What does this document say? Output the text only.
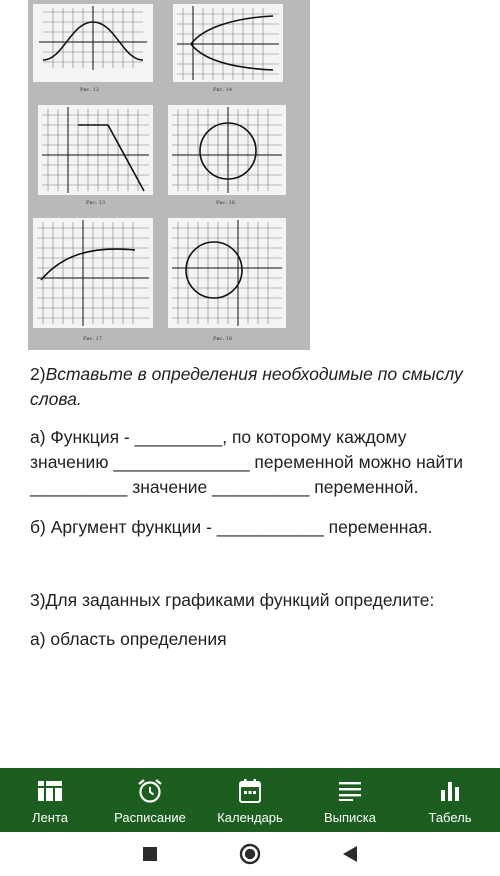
Рис. 12	Рис. 14
Рис. 13	Рис. 16
Рис. 17	Рис. 18

2)Вставьте в определения необходимые по смыслу слова.

а) Функция - _________, по которому каждому значению ______________ переменной можно найти __________ значение __________ переменной.

б) Аргумент функции - ___________ переменная.

3)Для заданных графиками функций определите:

а) область определения

Лента	Расписание Календарь	Выписка	Табель
